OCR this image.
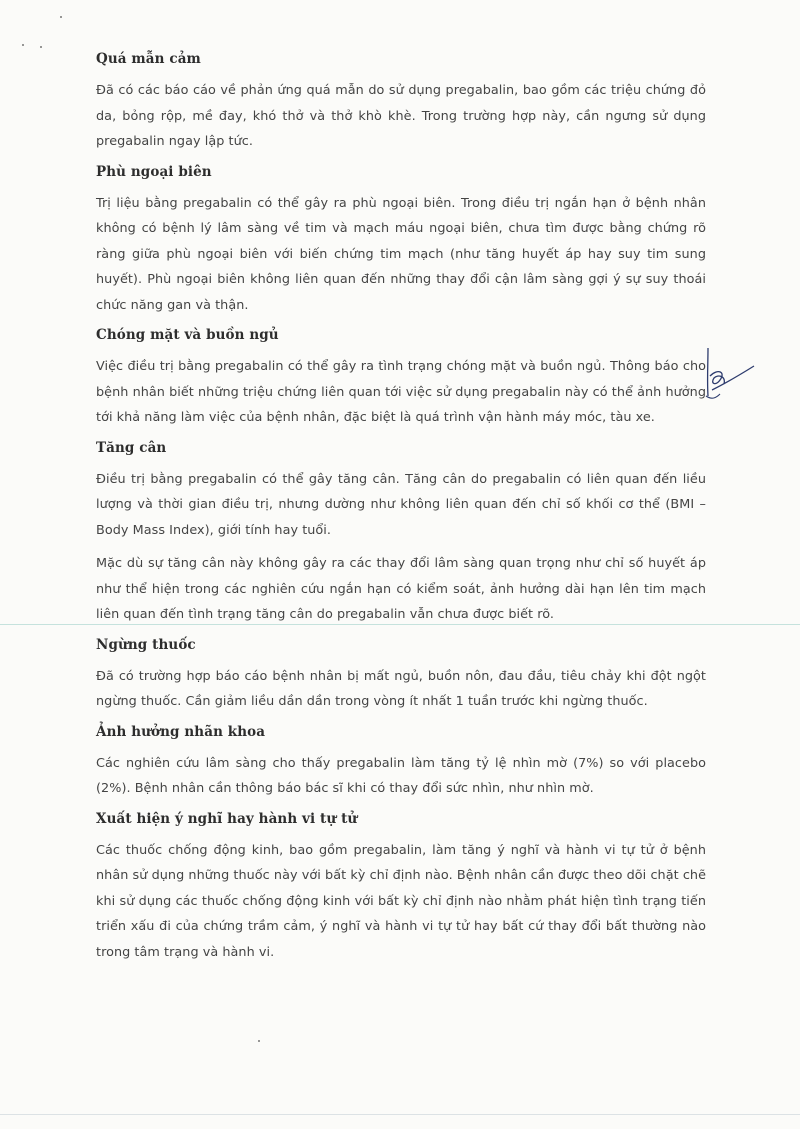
Quá mẫn cảm

Đã có các báo cáo về phản ứng quá mẫn do sử dụng pregabalin, bao gồm các triệu chứng đỏ da, bỏng rộp, mề đay, khó thở và thở khò khè. Trong trường hợp này, cần ngưng sử dụng pregabalin ngay lập tức.

Phù ngoại biên

Trị liệu bằng pregabalin có thể gây ra phù ngoại biên. Trong điều trị ngắn hạn ở bệnh nhân không có bệnh lý lâm sàng về tim và mạch máu ngoại biên, chưa tìm được bằng chứng rõ ràng giữa phù ngoại biên với biến chứng tim mạch (như tăng huyết áp hay suy tim sung huyết). Phù ngoại biên không liên quan đến những thay đổi cận lâm sàng gợi ý sự suy thoái chức năng gan và thận.

Chóng mặt và buồn ngủ

Việc điều trị bằng pregabalin có thể gây ra tình trạng chóng mặt và buồn ngủ. Thông báo cho bệnh nhân biết những triệu chứng liên quan tới việc sử dụng pregabalin này có thể ảnh hưởng tới khả năng làm việc của bệnh nhân, đặc biệt là quá trình vận hành máy móc, tàu xe.

Tăng cân

Điều trị bằng pregabalin có thể gây tăng cân. Tăng cân do pregabalin có liên quan đến liều lượng và thời gian điều trị, nhưng dường như không liên quan đến chỉ số khối cơ thể (BMI – Body Mass Index), giới tính hay tuổi.

Mặc dù sự tăng cân này không gây ra các thay đổi lâm sàng quan trọng như chỉ số huyết áp như thể hiện trong các nghiên cứu ngắn hạn có kiểm soát, ảnh hưởng dài hạn lên tim mạch liên quan đến tình trạng tăng cân do pregabalin vẫn chưa được biết rõ.

Ngừng thuốc

Đã có trường hợp báo cáo bệnh nhân bị mất ngủ, buồn nôn, đau đầu, tiêu chảy khi đột ngột ngừng thuốc. Cần giảm liều dần dần trong vòng ít nhất 1 tuần trước khi ngừng thuốc.

Ảnh hưởng nhãn khoa

Các nghiên cứu lâm sàng cho thấy pregabalin làm tăng tỷ lệ nhìn mờ (7%) so với placebo (2%). Bệnh nhân cần thông báo bác sĩ khi có thay đổi sức nhìn, như nhìn mờ.

Xuất hiện ý nghĩ hay hành vi tự tử

Các thuốc chống động kinh, bao gồm pregabalin, làm tăng ý nghĩ và hành vi tự tử ở bệnh nhân sử dụng những thuốc này với bất kỳ chỉ định nào. Bệnh nhân cần được theo dõi chặt chẽ khi sử dụng các thuốc chống động kinh với bất kỳ chỉ định nào nhằm phát hiện tình trạng tiến triển xấu đi của chứng trầm cảm, ý nghĩ và hành vi tự tử hay bất cứ thay đổi bất thường nào trong tâm trạng và hành vi.
